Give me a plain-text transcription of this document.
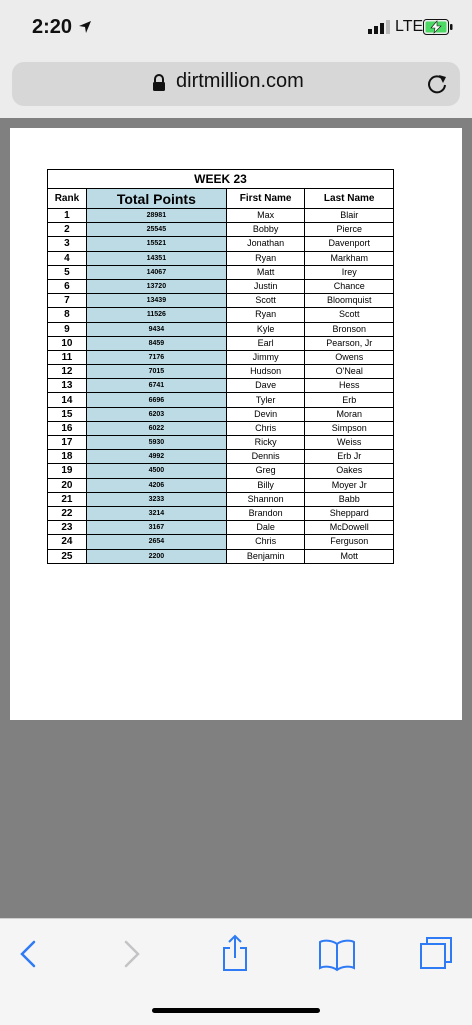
2:20	LTE
dirtmillion.com
WEEK 23			
Rank	Total Points	First Name	Last Name
1	28981	Max	Blair
2	25545	Bobby	Pierce
3	15521	Jonathan	Davenport
4	14351	Ryan	Markham
5	14067	Matt	Irey
6	13720	Justin	Chance
7	13439	Scott	Bloomquist
8	11526	Ryan	Scott
9	9434	Kyle	Bronson
10	8459	Earl	Pearson, Jr
11	7176	Jimmy	Owens
12	7015	Hudson	O'Neal
13	6741	Dave	Hess
14	6696	Tyler	Erb
15	6203	Devin	Moran
16	6022	Chris	Simpson
17	5930	Ricky	Weiss
18	4992	Dennis	Erb Jr
19	4500	Greg	Oakes
20	4206	Billy	Moyer Jr
21	3233	Shannon	Babb
22	3214	Brandon	Sheppard
23	3167	Dale	McDowell
24	2654	Chris	Ferguson
25	2200	Benjamin	Mott
